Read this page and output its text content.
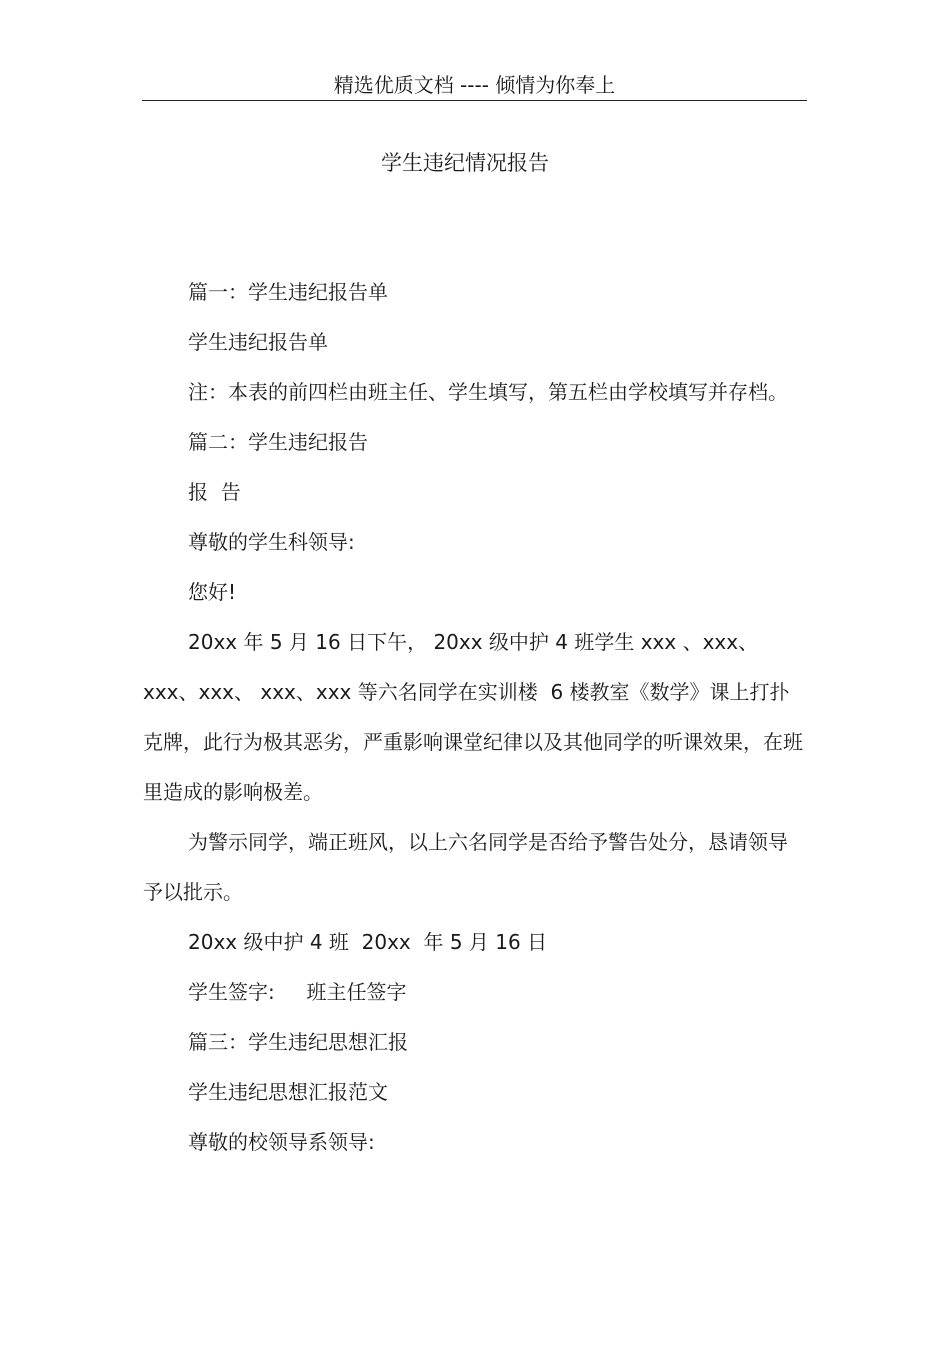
精选优质文档 ---- 倾情为你奉上
学生违纪情况报告

篇一：学生违纪报告单

学生违纪报告单

注：本表的前四栏由班主任、学生填写，第五栏由学校填写并存档。

篇二：学生违纪报告

报  告

尊敬的学生科领导:

您好!

20xx 年 5 月 16 日下午， 20xx 级中护 4 班学生 xxx 、xxx、xxx、xxx、 xxx、xxx 等六名同学在实训楼  6 楼教室《数学》课上打扑克牌，此行为极其恶劣，严重影响课堂纪律以及其他同学的听课效果，在班里造成的影响极差。

为警示同学，端正班风，以上六名同学是否给予警告处分，恳请领导予以批示。

20xx 级中护 4 班  20xx  年 5 月 16 日

学生签字:     班主任签字

篇三：学生违纪思想汇报

学生违纪思想汇报范文

尊敬的校领导系领导:
